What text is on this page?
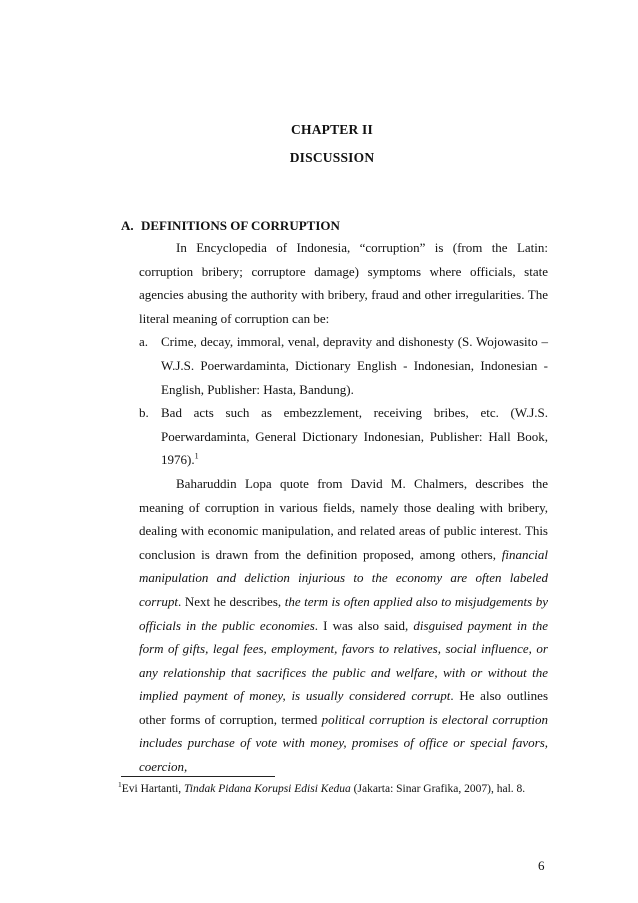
CHAPTER II
DISCUSSION
A. DEFINITIONS OF CORRUPTION

In Encyclopedia of Indonesia, “corruption” is (from the Latin: corruption bribery; corruptore damage) symptoms where officials, state agencies abusing the authority with bribery, fraud and other irregularities. The literal meaning of corruption can be:

a. Crime, decay, immoral, venal, depravity and dishonesty (S. Wojowasito – W.J.S. Poerwardaminta, Dictionary English - Indonesian, Indonesian - English, Publisher: Hasta, Bandung).
b. Bad acts such as embezzlement, receiving bribes, etc. (W.J.S. Poerwardaminta, General Dictionary Indonesian, Publisher: Hall Book, 1976).$^1$

Baharuddin Lopa quote from David M. Chalmers, describes the meaning of corruption in various fields, namely those dealing with bribery, dealing with economic manipulation, and related areas of public interest. This conclusion is drawn from the definition proposed, among others, financial manipulation and deliction injurious to the economy are often labeled corrupt. Next he describes, the term is often applied also to misjudgements by officials in the public economies. I was also said, disguised payment in the form of gifts, legal fees, employment, favors to relatives, social influence, or any relationship that sacrifices the public and welfare, with or without the implied payment of money, is usually considered corrupt. He also outlines other forms of corruption, termed political corruption is electoral corruption includes purchase of vote with money, promises of office or special favors, coercion,

$^1$Evi Hartanti, Tindak Pidana Korupsi Edisi Kedua (Jakarta: Sinar Grafika, 2007), hal. 8.
6
